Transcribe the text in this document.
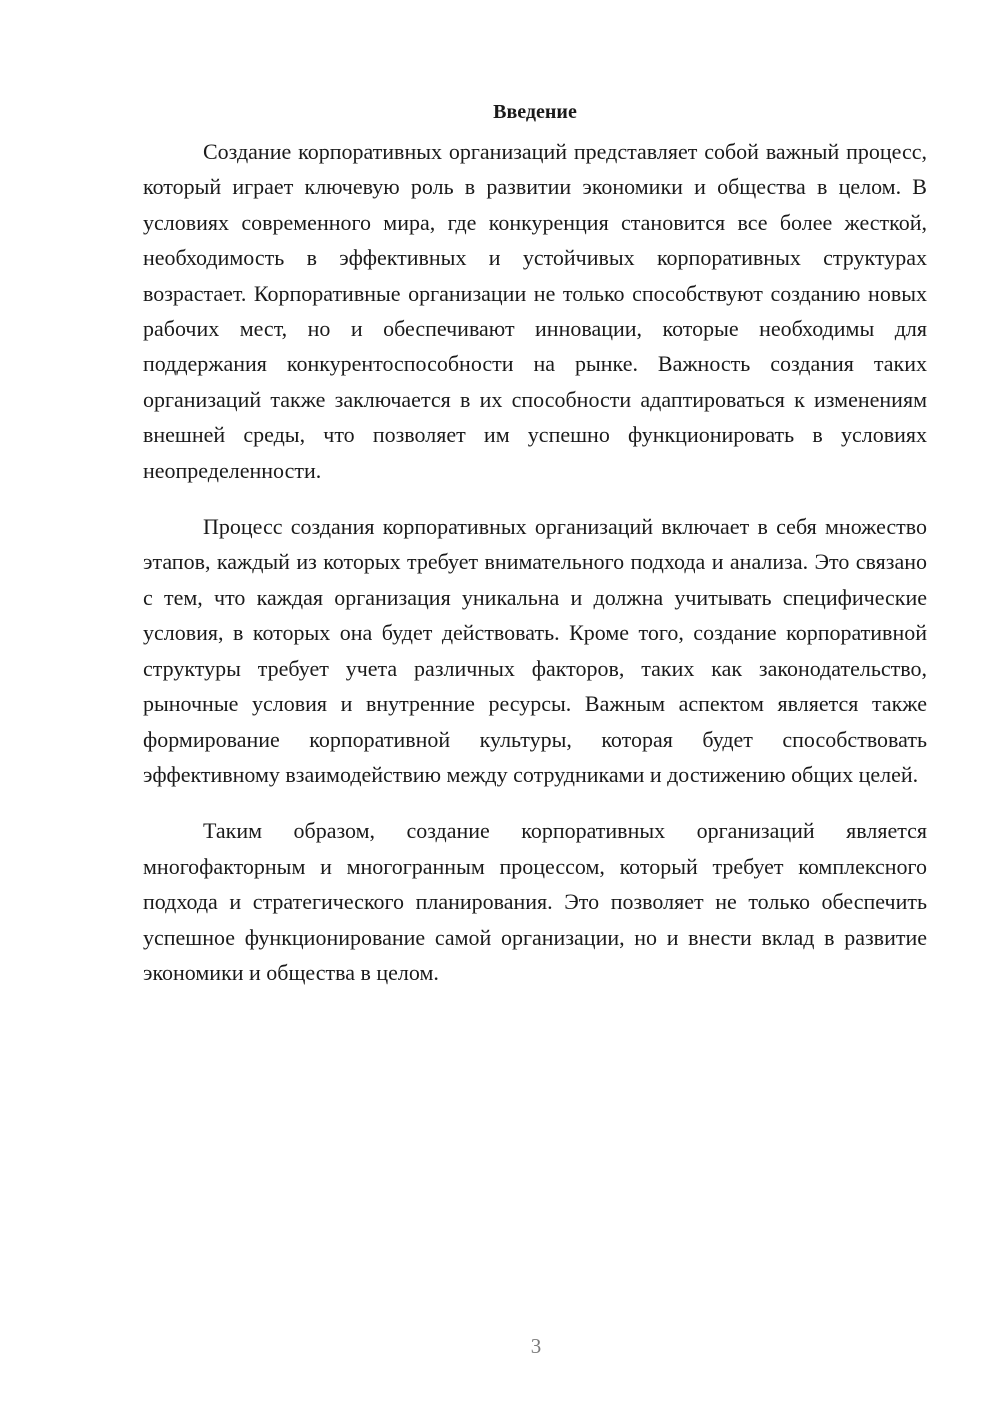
Введение

Создание корпоративных организаций представляет собой важный процесс, который играет ключевую роль в развитии экономики и общества в целом. В условиях современного мира, где конкуренция становится все более жесткой, необходимость в эффективных и устойчивых корпоративных структурах возрастает. Корпоративные организации не только способствуют созданию новых рабочих мест, но и обеспечивают инновации, которые необходимы для поддержания конкурентоспособности на рынке. Важность создания таких организаций также заключается в их способности адаптироваться к изменениям внешней среды, что позволяет им успешно функционировать в условиях неопределенности.

Процесс создания корпоративных организаций включает в себя множество этапов, каждый из которых требует внимательного подхода и анализа. Это связано с тем, что каждая организация уникальна и должна учитывать специфические условия, в которых она будет действовать. Кроме того, создание корпоративной структуры требует учета различных факторов, таких как законодательство, рыночные условия и внутренние ресурсы. Важным аспектом является также формирование корпоративной культуры, которая будет способствовать эффективному взаимодействию между сотрудниками и достижению общих целей.

Таким образом, создание корпоративных организаций является многофакторным и многогранным процессом, который требует комплексного подхода и стратегического планирования. Это позволяет не только обеспечить успешное функционирование самой организации, но и внести вклад в развитие экономики и общества в целом.

3
